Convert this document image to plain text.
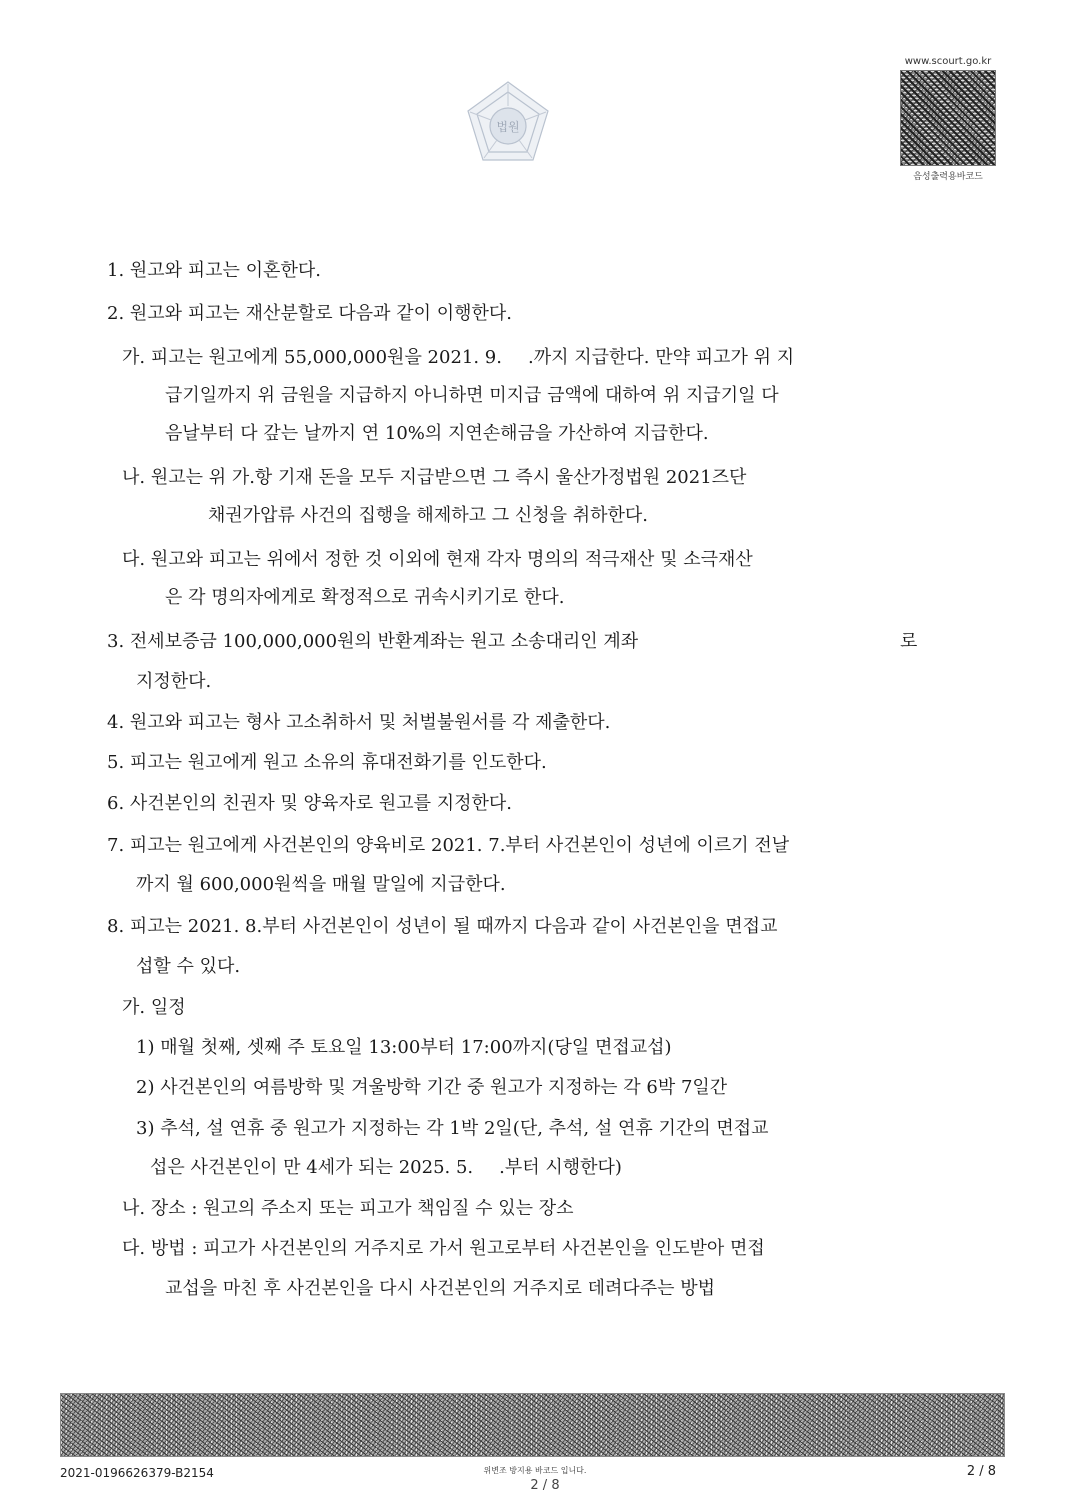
법원
www.scourt.go.kr
음성출력용바코드
1. 원고와 피고는 이혼한다.
2. 원고와 피고는 재산분할로 다음과 같이 이행한다.
가. 피고는 원고에게 55,000,000원을 2021. 9. .까지 지급한다. 만약 피고가 위 지
급기일까지 위 금원을 지급하지 아니하면 미지급 금액에 대하여 위 지급기일 다
음날부터 다 갚는 날까지 연 10%의 지연손해금을 가산하여 지급한다.
나. 원고는 위 가.항 기재 돈을 모두 지급받으면 그 즉시 울산가정법원 2021즈단
채권가압류 사건의 집행을 해제하고 그 신청을 취하한다.
다. 원고와 피고는 위에서 정한 것 이외에 현재 각자 명의의 적극재산 및 소극재산
은 각 명의자에게로 확정적으로 귀속시키기로 한다.
3. 전세보증금 100,000,000원의 반환계좌는 원고 소송대리인 계좌	로
지정한다.
4. 원고와 피고는 형사 고소취하서 및 처벌불원서를 각 제출한다.
5. 피고는 원고에게 원고 소유의 휴대전화기를 인도한다.
6. 사건본인의 친권자 및 양육자로 원고를 지정한다.
7. 피고는 원고에게 사건본인의 양육비로 2021. 7.부터 사건본인이 성년에 이르기 전날
까지 월 600,000원씩을 매월 말일에 지급한다.
8. 피고는 2021. 8.부터 사건본인이 성년이 될 때까지 다음과 같이 사건본인을 면접교
섭할 수 있다.
가. 일정
1) 매월 첫째, 셋째 주 토요일 13:00부터 17:00까지(당일 면접교섭)
2) 사건본인의 여름방학 및 겨울방학 기간 중 원고가 지정하는 각 6박 7일간
3) 추석, 설 연휴 중 원고가 지정하는 각 1박 2일(단, 추석, 설 연휴 기간의 면접교
섭은 사건본인이 만 4세가 되는 2025. 5. .부터 시행한다)
나. 장소 : 원고의 주소지 또는 피고가 책임질 수 있는 장소
다. 방법 : 피고가 사건본인의 거주지로 가서 원고로부터 사건본인을 인도받아 면접
교섭을 마친 후 사건본인을 다시 사건본인의 거주지로 데려다주는 방법
2021-0196626379-B2154	위변조 방지용 바코드 입니다.
2 / 8
2 / 8
